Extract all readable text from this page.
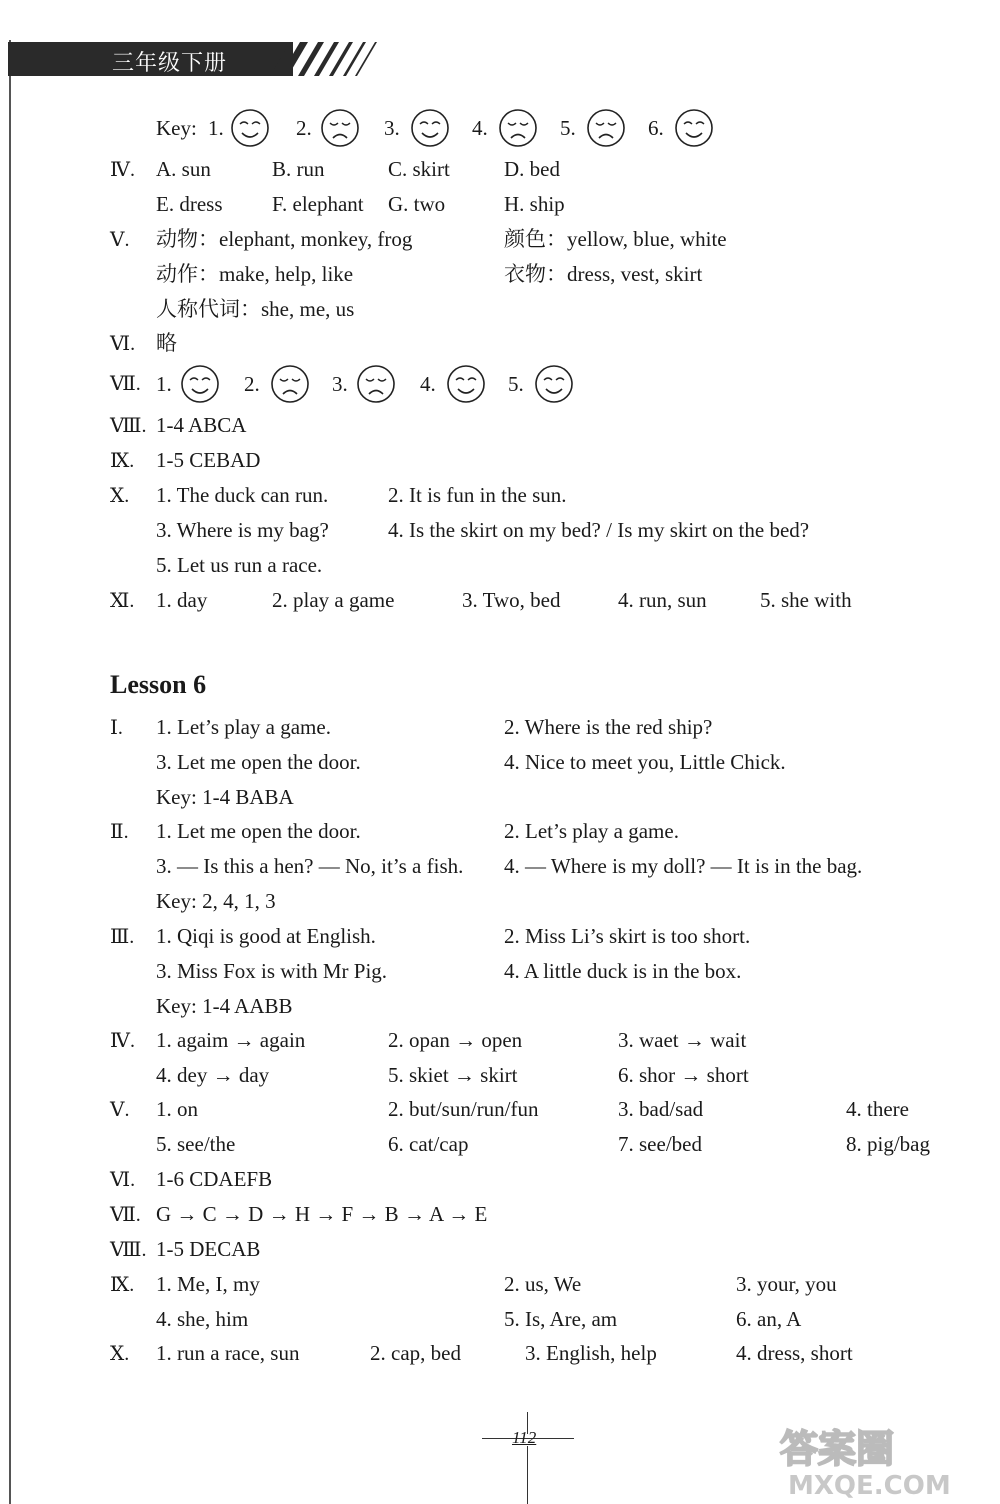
三年级下册
Key: 1.	2.	3.	4.	5.	6.
Ⅳ. A. sun	B. run	C. skirt	D. bed
E. dress F. elephant G. two	H. ship
Ⅴ. 动物：elephant, monkey, frog	颜色：yellow, blue, white
动作：make, help, like	衣物：dress, vest, skirt
人称代词：she, me, us
Ⅵ. 略
Ⅶ. 1.	2.	3.	4.	5.
Ⅷ. 1-4 ABCA
Ⅸ. 1-5 CEBAD
Ⅹ. 1. The duck can run.	2. It is fun in the sun.
3. Where is my bag?	4. Is the skirt on my bed? / Is my skirt on the bed?
5. Let us run a race.
Ⅺ. 1. day	2. play a game	3. Two, bed	4. run, sun	5. she with
Lesson 6
Ⅰ. 1. Let’s play a game.	2. Where is the red ship?
3. Let me open the door.	4. Nice to meet you, Little Chick.
Key: 1-4 BABA
Ⅱ. 1. Let me open the door.	2. Let’s play a game.
3. — Is this a hen? — No, it’s a fish. 4. — Where is my doll? — It is in the bag.
Key: 2, 4, 1, 3
Ⅲ. 1. Qiqi is good at English.	2. Miss Li’s skirt is too short.
3. Miss Fox is with Mr Pig.	4. A little duck is in the box.
Key: 1-4 AABB
Ⅳ. 1. agaim → again	2. opan → open	3. waet → wait
4. dey → day	5. skiet → skirt	6. shor → short
Ⅴ. 1. on	2. but/sun/run/fun	3. bad/sad	4. there
5. see/the	6. cat/cap	7. see/bed	8. pig/bag
Ⅵ. 1-6 CDAEFB
Ⅶ. G → C → D → H → F → B → A → E
Ⅷ. 1-5 DECAB
Ⅸ. 1. Me, I, my	2. us, We	3. your, you
4. she, him	5. Is, Are, am	6. an, A
Ⅹ. 1. run a race, sun	2. cap, bed	3. English, help	4. dress, short
112	答案圈
MXQE.COM
